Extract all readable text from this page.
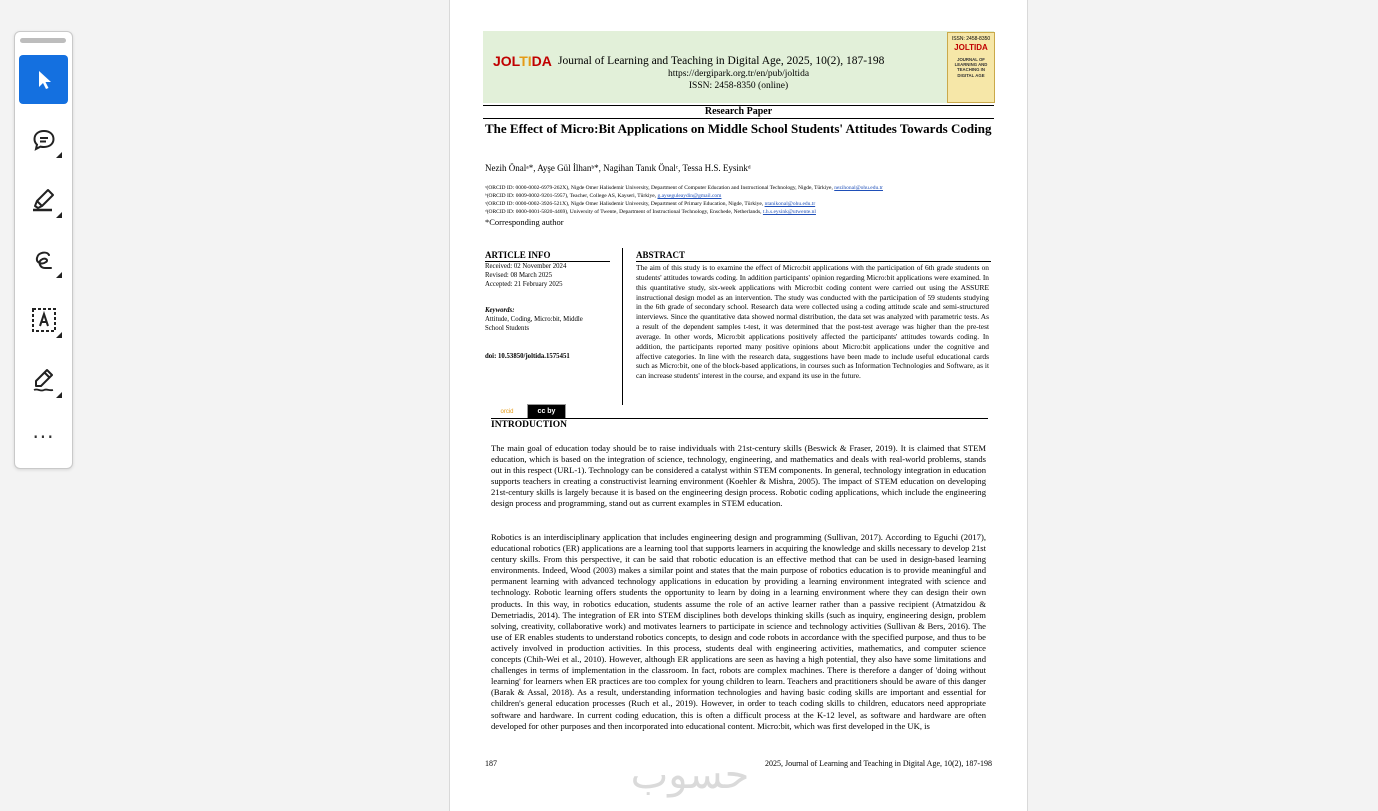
···
JOLTIDA Journal of Learning and Teaching in Digital Age, 2025, 10(2), 187-198
https://dergipark.org.tr/en/pub/joltida
ISSN: 2458-8350 (online)
ISSN: 2458-8350
JOLTIDA
JOURNAL OF LEARNING AND TEACHING IN DIGITAL AGE
Research Paper
The Effect of Micro:Bit Applications on Middle School Students' Attitudes Towards Coding
Nezih Önalᵃ*, Ayşe Gül İlhanᵇ*, Nagihan Tanık Önalᶜ, Tessa H.S. Eysinkᵈ
ᵃ(ORCID ID: 0000-0002-6979-262X), Nigde Omer Halisdemir University, Department of Computer Education and Instructional Technology, Nigde, Türkiye, nezihonal@ohu.edu.tr
ᵇ(ORCID ID: 0009-0002-9201-5957), Teacher, College AS, Kayseri, Türkiye, g.ayseguleaydin@gmail.com
ᶜ(ORCID ID: 0000-0002-3926-521X), Nigde Omer Halisdemir University, Department of Primary Education, Nigde, Türkiye, ntanikonal@ohu.edu.tr
ᵈ(ORCID ID: 0000-0001-5820-4469), University of Twente, Department of Instructional Technology, Enschede, Netherlands, t.h.s.eysink@utwente.nl
*Corresponding author
ARTICLE INFO
Received: 02 November 2024
Revised: 08 March 2025
Accepted: 21 February 2025
Keywords:
Attitude, Coding, Micro:bit, Middle
School Students
doi: 10.53850/joltida.1575451
ABSTRACT
The aim of this study is to examine the effect of Micro:bit applications with the participation of 6th grade students on students' attitudes towards coding. In addition participants' opinion regarding Micro:bit applications were examined. In this quantitative study, six-week applications with Micro:bit coding content were carried out using the ASSURE instructional design model as an intervention. The study was conducted with the participation of 59 students studying in the 6th grade of secondary school. Research data were collected using a coding attitude scale and semi-structured interviews. Since the quantitative data showed normal distribution, the data set was analyzed with parametric tests. As a result of the dependent samples t-test, it was determined that the post-test average was higher than the pre-test average. In other words, Micro:bit applications positively affected the participants' attitudes towards coding. In addition, the participants reported many positive opinions about Micro:bit applications under the cognitive and affective categories. In line with the research data, suggestions have been made to include useful educational cards such as Micro:bit, one of the block-based applications, in courses such as Information Technologies and Software, as it can increase students' interest in the course, and expand its use in the future.
orcid	cc by
INTRODUCTION
The main goal of education today should be to raise individuals with 21st-century skills (Beswick & Fraser, 2019). It is claimed that STEM education, which is based on the integration of science, technology, engineering, and mathematics and deals with real-world problems, stands out in this respect (URL-1). Technology can be considered a catalyst within STEM components. In general, technology integration in education supports teachers in creating a constructivist learning environment (Koehler & Mishra, 2005). The impact of STEM education on developing 21st-century skills is largely because it is based on the engineering design process. Robotic coding applications, which include the engineering design process and programming, stand out as current examples in STEM education.
Robotics is an interdisciplinary application that includes engineering design and programming (Sullivan, 2017). According to Eguchi (2017), educational robotics (ER) applications are a learning tool that supports learners in acquiring the knowledge and skills necessary to develop 21st century skills. From this perspective, it can be said that robotic education is an effective method that can be used in design-based learning environments. Indeed, Wood (2003) makes a similar point and states that the main purpose of robotics education is to provide meaningful and permanent learning with advanced technology applications in education by providing a learning environment integrated with science and technology. Robotic learning offers students the opportunity to learn by doing in a learning environment where they can design their own products. In this way, in robotics education, students assume the role of an active learner rather than a passive recipient (Atmatzidou & Demetriadis, 2014). The integration of ER into STEM disciplines both develops thinking skills (such as inquiry, engineering design, problem solving, creativity, collaborative work) and motivates learners to participate in science and technology activities (Sullivan & Bers, 2016). The use of ER enables students to understand robotics concepts, to design and code robots in accordance with the specified purpose, and thus to be actively involved in production activities. In this process, students deal with engineering activities, mathematics, and computer science concepts (Chih-Wei et al., 2010). However, although ER applications are seen as having a high potential, they also have some limitations and challenges in terms of implementation in the classroom. In fact, robots are complex machines. There is therefore a danger of 'doing without learning' for learners when ER practices are too complex for young children to learn. Teachers and practitioners should be aware of this danger (Barak & Assal, 2018). As a result, understanding information technologies and having basic coding skills are important and essential for children's general education processes (Ruch et al., 2019). However, in order to teach coding skills to children, educators need appropriate software and hardware. In current coding education, this is often a difficult process at the K-12 level, as software and hardware are often developed for other purposes and then incorporated into educational content. Micro:bit, which was first developed in the UK, is
187	2025, Journal of Learning and Teaching in Digital Age, 10(2), 187-198
حسوب
